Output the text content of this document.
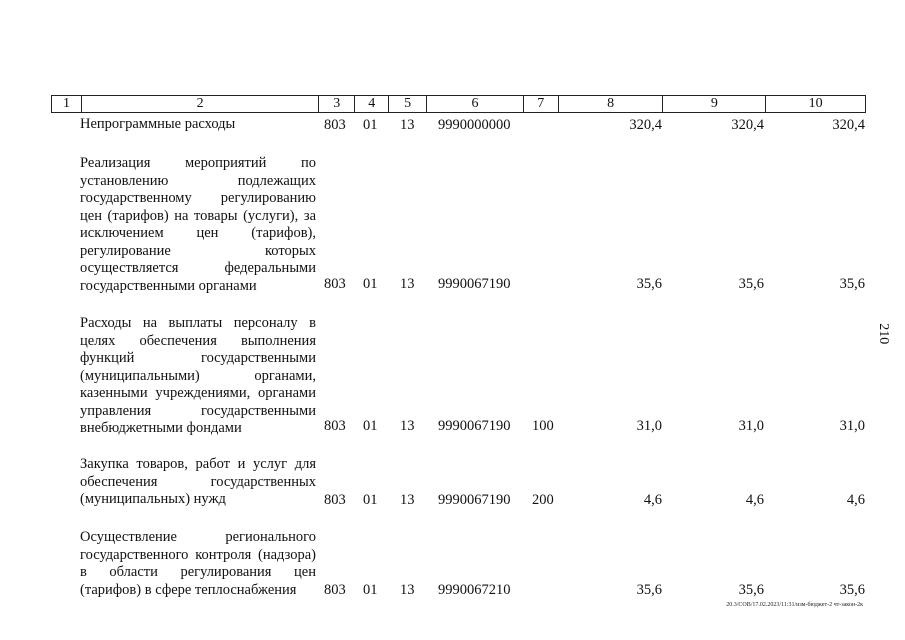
1	2	3	4	5	6	7	8	9	10
Непрограммные расходы	803 01 13 9990000000	320,4	320,4	320,4
Реализация мероприятий по установлению подлежащих государственному регулированию цен (тарифов) на товары (услуги), за исключением цен (тарифов), регулирование которых осуществляется федеральными государственными органами	803 01 13 9990067190	35,6	35,6	35,6
Расходы на выплаты персоналу в целях обеспечения выполнения функций государственными (муниципальными) органами, казенными учреждениями, органами управления государственными внебюджетными фондами	803 01 13 9990067190 100	31,0	31,0	31,0
Закупка товаров, работ и услуг для обеспечения государственных (муниципальных) нужд	803 01 13 9990067190 200	4,6	4,6	4,6
Осуществление регионального государственного контроля (надзора) в области регулирования цен (тарифов) в сфере теплоснабжения	803 01 13 9990067210	35,6	35,6	35,6
210
20.3/СОВ/17.02.2023/11:31/изм-бюджет-2 чт-закон-2к
